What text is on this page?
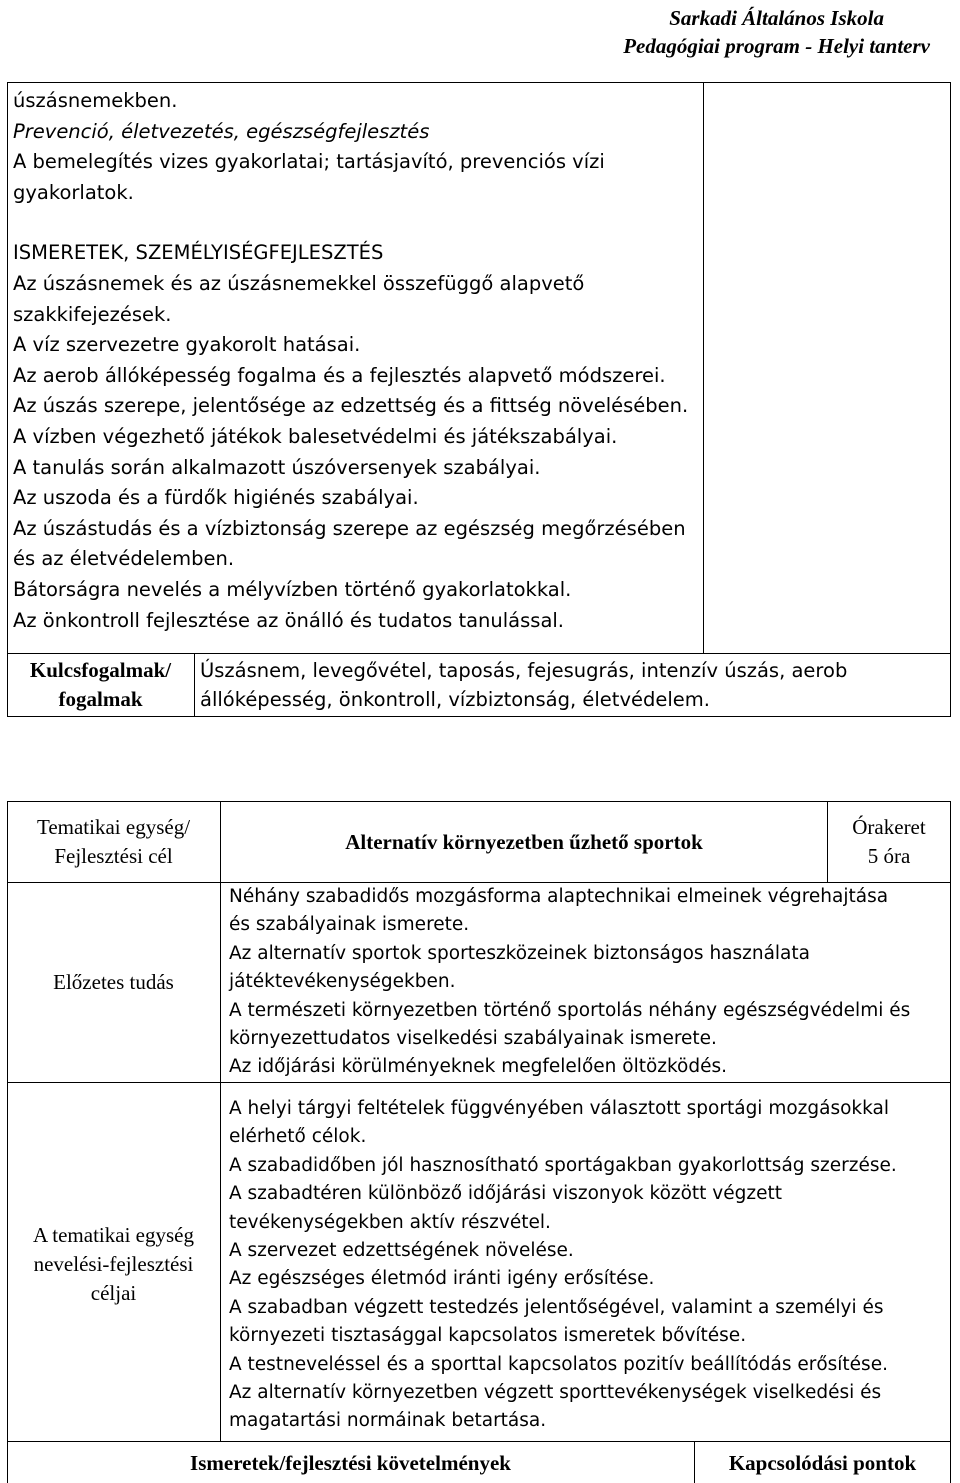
Sarkadi Általános Iskola
Pedagógiai program - Helyi tanterv
úszásnemekben.
Prevenció, életvezetés, egészségfejlesztés
A bemelegítés vizes gyakorlatai; tartásjavító, prevenciós vízi
gyakorlatok.
ISMERETEK, SZEMÉLYISÉGFEJLESZTÉS
Az úszásnemek és az úszásnemekkel összefüggő alapvető
szakkifejezések.
A víz szervezetre gyakorolt hatásai.
Az aerob állóképesség fogalma és a fejlesztés alapvető módszerei.
Az úszás szerepe, jelentősége az edzettség és a fittség növelésében.
A vízben végezhető játékok balesetvédelmi és játékszabályai.
A tanulás során alkalmazott úszóversenyek szabályai.
Az uszoda és a fürdők higiénés szabályai.
Az úszástudás és a vízbiztonság szerepe az egészség megőrzésében
és az életvédelemben.
Bátorságra nevelés a mélyvízben történő gyakorlatokkal.
Az önkontroll fejlesztése az önálló és tudatos tanulással.
Kulcsfogalmak/
fogalmak
Úszásnem, levegővétel, taposás, fejesugrás, intenzív úszás, aerob
állóképesség, önkontroll, vízbiztonság, életvédelem.
Tematikai egység/
Fejlesztési cél
Alternatív környezetben űzhető sportok
Órakeret
5 óra
Előzetes tudás
Néhány szabadidős mozgásforma alaptechnikai elmeinek végrehajtása
és szabályainak ismerete.
Az alternatív sportok sporteszközeinek biztonságos használata
játéktevékenységekben.
A természeti környezetben történő sportolás néhány egészségvédelmi és
környezettudatos viselkedési szabályainak ismerete.
Az időjárási körülményeknek megfelelően öltözködés.
A tematikai egység
nevelési-fejlesztési
céljai
A helyi tárgyi feltételek függvényében választott sportági mozgásokkal
elérhető célok.
A szabadidőben jól hasznosítható sportágakban gyakorlottság szerzése.
A szabadtéren különböző időjárási viszonyok között végzett
tevékenységekben aktív részvétel.
A szervezet edzettségének növelése.
Az egészséges életmód iránti igény erősítése.
A szabadban végzett testedzés jelentőségével, valamint a személyi és
környezeti tisztasággal kapcsolatos ismeretek bővítése.
A testneveléssel és a sporttal kapcsolatos pozitív beállítódás erősítése.
Az alternatív környezetben végzett sporttevékenységek viselkedési és
magatartási normáinak betartása.
Ismeretek/fejlesztési követelmények	Kapcsolódási pontok
